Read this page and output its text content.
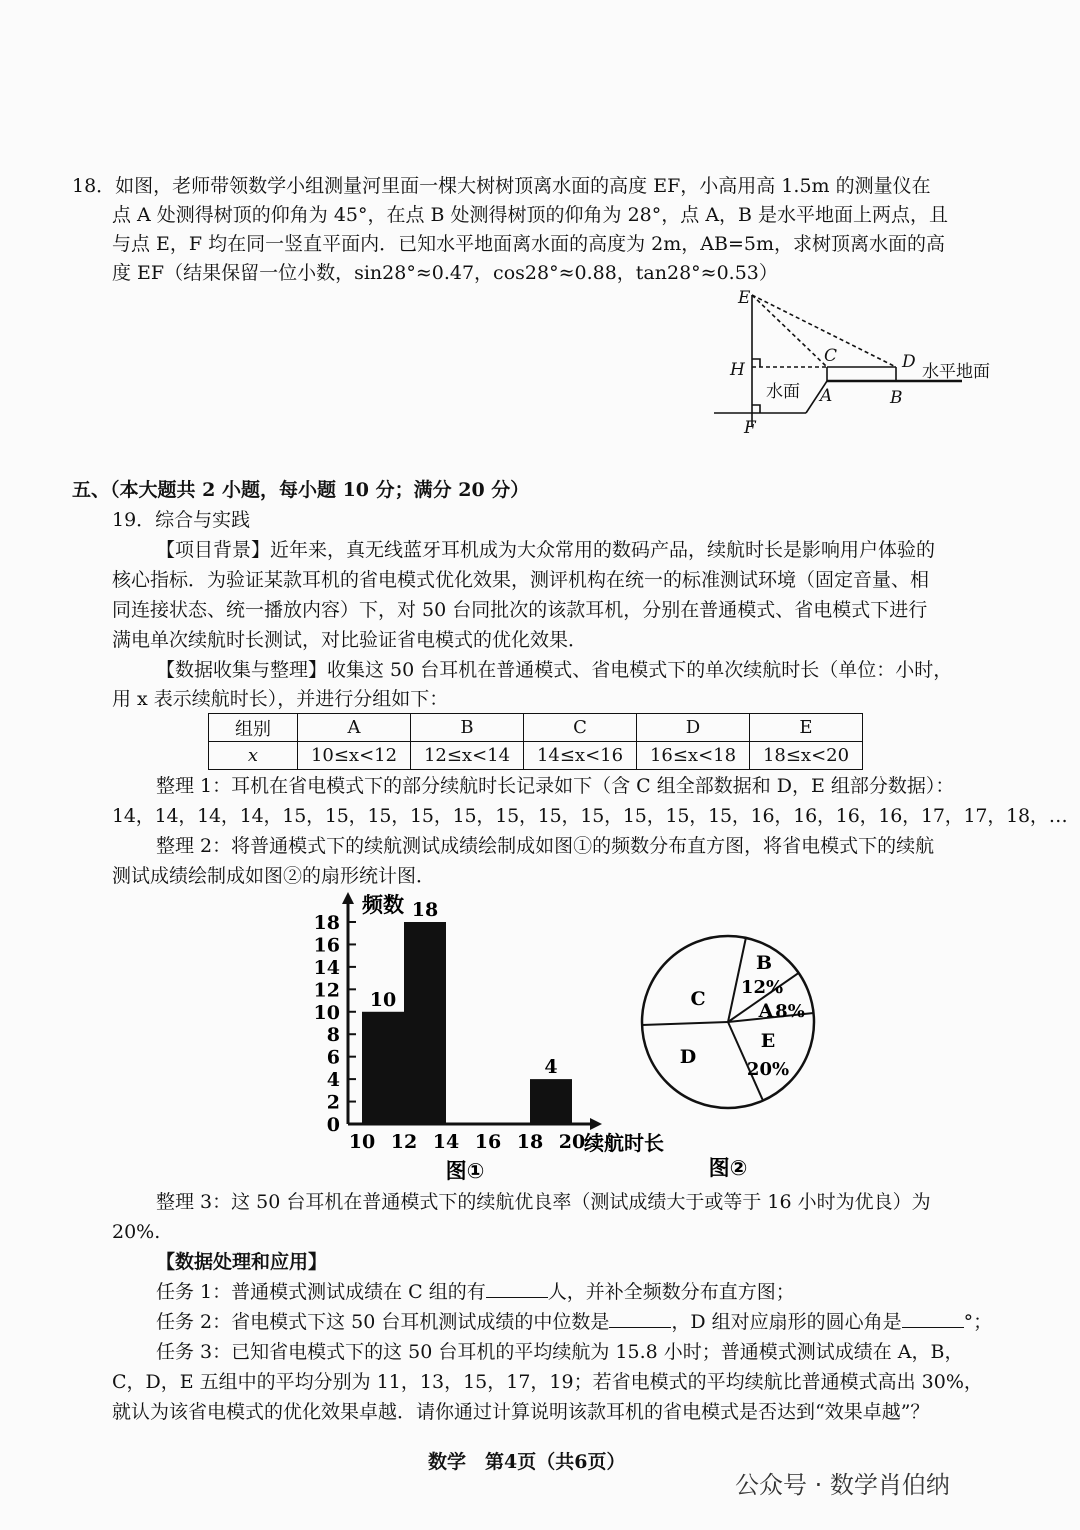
18．如图，老师带领数学小组测量河里面一棵大树树顶离水面的高度 EF，小高用高 1.5m 的测量仪在
点 A 处测得树顶的仰角为 45°，在点 B 处测得树顶的仰角为 28°，点 A，B 是水平地面上两点，且
与点 E，F 均在同一竖直平面内．已知水平地面离水面的高度为 2m，AB=5m，求树顶离水面的高
度 EF（结果保留一位小数，sin28°≈0.47，cos28°≈0.88，tan28°≈0.53）
E
H
C	D
A	B
F
水面
水平地面
五、（本大题共 2 小题，每小题 10 分；满分 20 分）
19．综合与实践
【项目背景】近年来，真无线蓝牙耳机成为大众常用的数码产品，续航时长是影响用户体验的
核心指标．为验证某款耳机的省电模式优化效果，测评机构在统一的标准测试环境（固定音量、相
同连接状态、统一播放内容）下，对 50 台同批次的该款耳机，分别在普通模式、省电模式下进行
满电单次续航时长测试，对比验证省电模式的优化效果．
【数据收集与整理】收集这 50 台耳机在普通模式、省电模式下的单次续航时长（单位：小时，
用 x 表示续航时长），并进行分组如下：
组别	A	B	C	D	E
x	10≤x<12	12≤x<14	14≤x<16	16≤x<18	18≤x<20
整理 1：耳机在省电模式下的部分续航时长记录如下（含 C 组全部数据和 D，E 组部分数据）：
14，14，14，14，15，15，15，15，15，15，15，15，15，15，15，16，16，16，16，17，17，18，…
整理 2：将普通模式下的续航测试成绩绘制成如图①的频数分布直方图，将省电模式下的续航
测试成绩绘制成如图②的扇形统计图．
0
2
4
6
8
10
12
14
16
18
10 12 14 16 18 20
10
18
4
频数
续航时长
图①
B
12%
A 8%
E
20%
D
C
图②
整理 3：这 50 台耳机在普通模式下的续航优良率（测试成绩大于或等于 16 小时为优良）为
20%.
【数据处理和应用】
任务 1：普通模式测试成绩在 C 组的有	人，并补全频数分布直方图；
任务 2：省电模式下这 50 台耳机测试成绩的中位数是	，D 组对应扇形的圆心角是	°；
任务 3：已知省电模式下的这 50 台耳机的平均续航为 15.8 小时；普通模式测试成绩在 A，B，
C，D，E 五组中的平均分别为 11，13，15，17，19；若省电模式的平均续航比普通模式高出 30%，
就认为该省电模式的优化效果卓越．请你通过计算说明该款耳机的省电模式是否达到“效果卓越”？
数学　第4页（共6页）
公众号 · 数学肖伯纳
